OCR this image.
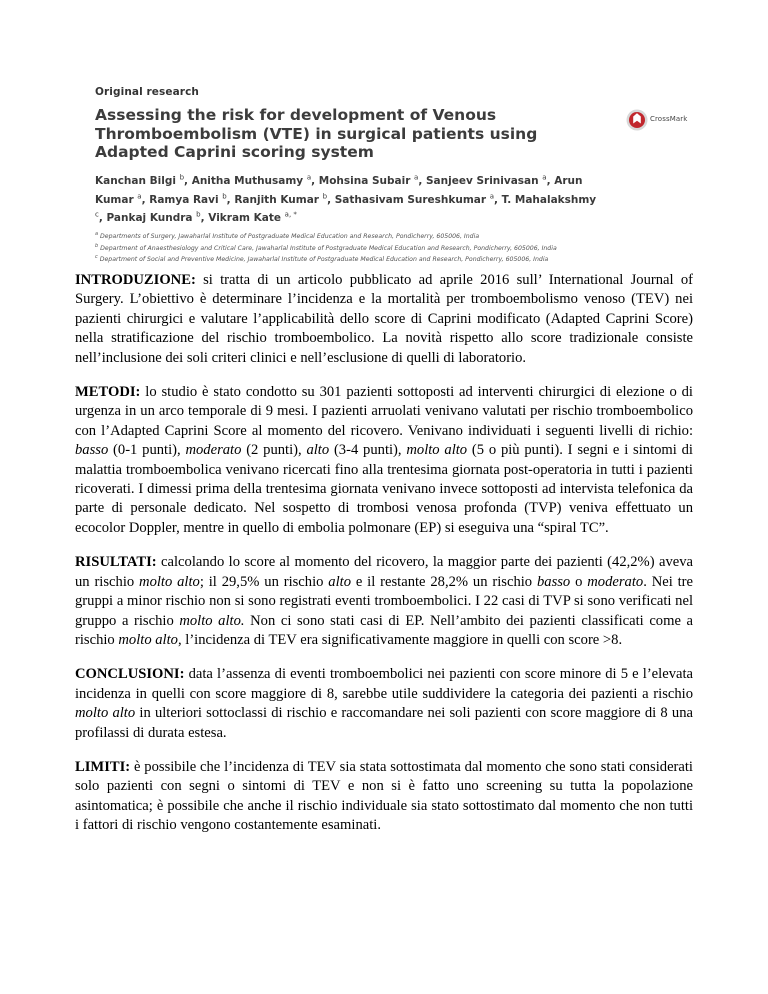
Original research
Assessing the risk for development of Venous Thromboembolism (VTE) in surgical patients using Adapted Caprini scoring system
Kanchan Bilgi $^b$, Anitha Muthusamy $^a$, Mohsina Subair $^a$, Sanjeev Srinivasan $^a$, Arun Kumar $^a$, Ramya Ravi $^b$, Ranjith Kumar $^b$, Sathasivam Sureshkumar $^a$, T. Mahalakshmy $^c$, Pankaj Kundra $^b$, Vikram Kate $^{a, *}$
$^a$ Departments of Surgery, Jawaharlal Institute of Postgraduate Medical Education and Research, Pondicherry, 605006, India
$^b$ Department of Anaesthesiology and Critical Care, Jawaharlal Institute of Postgraduate Medical Education and Research, Pondicherry, 605006, India
$^c$ Department of Social and Preventive Medicine, Jawaharlal Institute of Postgraduate Medical Education and Research, Pondicherry, 605006, India
CrossMark

INTRODUZIONE: si tratta di un articolo pubblicato ad aprile 2016 sull’ International Journal of Surgery. L’obiettivo è determinare l’incidenza e la mortalità per tromboembolismo venoso (TEV) nei pazienti chirurgici e valutare l’applicabilità dello score di Caprini modificato (Adapted Caprini Score) nella stratificazione del rischio tromboembolico. La novità rispetto allo score tradizionale consiste nell’inclusione dei soli criteri clinici e nell’esclusione di quelli di laboratorio.

METODI: lo studio è stato condotto su 301 pazienti sottoposti ad interventi chirurgici di elezione o di urgenza in un arco temporale di 9 mesi. I pazienti arruolati venivano valutati per rischio tromboembolico con l’Adapted Caprini Score al momento del ricovero. Venivano individuati i seguenti livelli di richio: basso (0-1 punti), moderato (2 punti), alto (3-4 punti), molto alto (5 o più punti). I segni e i sintomi di malattia tromboembolica venivano ricercati fino alla trentesima giornata post-operatoria in tutti i pazienti ricoverati. I dimessi prima della trentesima giornata venivano invece sottoposti ad intervista telefonica da parte di personale dedicato. Nel sospetto di trombosi venosa profonda (TVP) veniva effettuato un ecocolor Doppler, mentre in quello di embolia polmonare (EP) si eseguiva una “spiral TC”.

RISULTATI: calcolando lo score al momento del ricovero, la maggior parte dei pazienti (42,2%) aveva un rischio molto alto; il 29,5% un rischio alto e il restante 28,2% un rischio basso o moderato. Nei tre gruppi a minor rischio non si sono registrati eventi tromboembolici. I 22 casi di TVP si sono verificati nel gruppo a rischio molto alto. Non ci sono stati casi di EP. Nell’ambito dei pazienti classificati come a rischio molto alto, l’incidenza di TEV era significativamente maggiore in quelli con score >8.

CONCLUSIONI: data l’assenza di eventi tromboembolici nei pazienti con score minore di 5 e l’elevata incidenza in quelli con score maggiore di 8, sarebbe utile suddividere la categoria dei pazienti a rischio molto alto in ulteriori sottoclassi di rischio e raccomandare nei soli pazienti con score maggiore di 8 una profilassi di durata estesa.

LIMITI: è possibile che l’incidenza di TEV sia stata sottostimata dal momento che sono stati considerati solo pazienti con segni o sintomi di TEV e non si è fatto uno screening su tutta la popolazione asintomatica; è possibile che anche il rischio individuale sia stato sottostimato dal momento che non tutti i fattori di rischio vengono costantemente esaminati.
